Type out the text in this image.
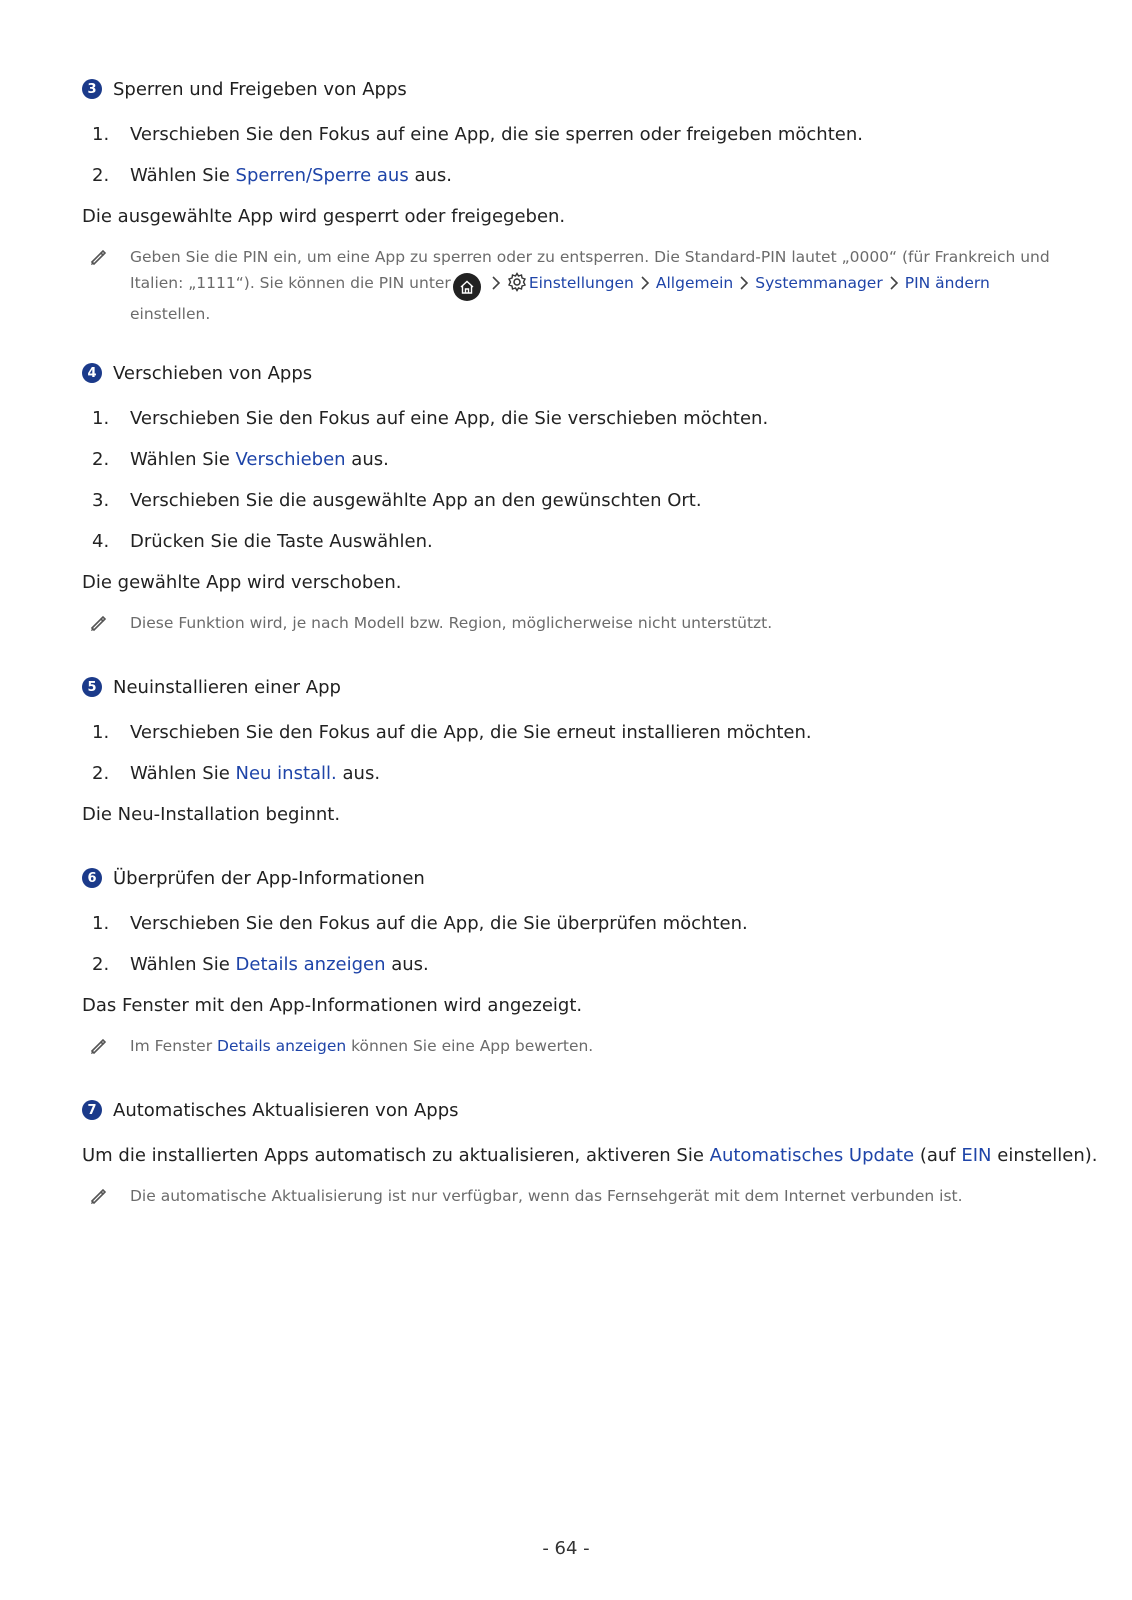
3 Sperren und Freigeben von Apps
1. Verschieben Sie den Fokus auf eine App, die sie sperren oder freigeben möchten.
2. Wählen Sie Sperren/Sperre aus aus.
Die ausgewählte App wird gesperrt oder freigegeben.
Geben Sie die PIN ein, um eine App zu sperren oder zu entsperren. Die Standard-PIN lautet „0000“ (für Frankreich und
Italien: „1111“). Sie können die PIN unter	Einstellungen Allgemein Systemmanager PIN ändern
einstellen.
4 Verschieben von Apps
1. Verschieben Sie den Fokus auf eine App, die Sie verschieben möchten.
2. Wählen Sie Verschieben aus.
3. Verschieben Sie die ausgewählte App an den gewünschten Ort.
4. Drücken Sie die Taste Auswählen.
Die gewählte App wird verschoben.
Diese Funktion wird, je nach Modell bzw. Region, möglicherweise nicht unterstützt.
5 Neuinstallieren einer App
1. Verschieben Sie den Fokus auf die App, die Sie erneut installieren möchten.
2. Wählen Sie Neu install. aus.
Die Neu-Installation beginnt.
6 Überprüfen der App-Informationen
1. Verschieben Sie den Fokus auf die App, die Sie überprüfen möchten.
2. Wählen Sie Details anzeigen aus.
Das Fenster mit den App-Informationen wird angezeigt.
Im Fenster Details anzeigen können Sie eine App bewerten.
7 Automatisches Aktualisieren von Apps
Um die installierten Apps automatisch zu aktualisieren, aktiveren Sie Automatisches Update (auf EIN einstellen).
Die automatische Aktualisierung ist nur verfügbar, wenn das Fernsehgerät mit dem Internet verbunden ist.
- 64 -
